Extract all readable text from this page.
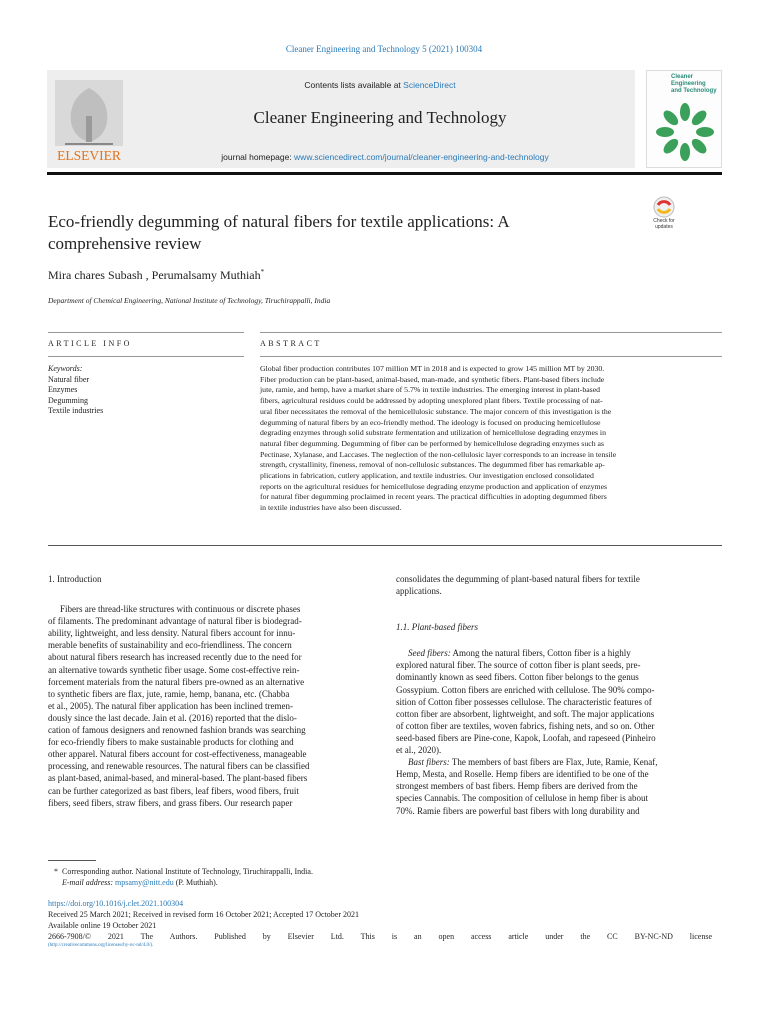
Cleaner Engineering and Technology 5 (2021) 100304
ELSEVIER
Contents lists available at ScienceDirect
Cleaner Engineering and Technology
journal homepage: www.sciencedirect.com/journal/cleaner-engineering-and-technology
Cleaner
Engineering
and Technology
Check for
updates
Eco-friendly degumming of natural fibers for textile applications: A
comprehensive review
Mira chares Subash , Perumalsamy Muthiah*
Department of Chemical Engineering, National Institute of Technology, Tiruchirappalli, India
ARTICLE INFO	ABSTRACT
Keywords:
Natural fiber
Enzymes
Degumming
Textile industries
Global fiber production contributes 107 million MT in 2018 and is expected to grow 145 million MT by 2030.
Fiber production can be plant-based, animal-based, man-made, and synthetic fibers. Plant-based fibers include
jute, ramie, and hemp, have a market share of 5.7% in textile industries. The emerging interest in plant-based
fibers, agricultural residues could be addressed by adopting unexplored plant fibers. Textile processing of nat-
ural fiber necessitates the removal of the hemicellulosic substance. The major concern of this investigation is the
degumming of natural fibers by an eco-friendly method. The ideology is focused on producing hemicellulose
degrading enzymes through solid substrate fermentation and utilization of hemicellulose degrading enzymes in
natural fiber degumming. Degumming of fiber can be performed by hemicellulose degrading enzymes such as
Pectinase, Xylanase, and Laccases. The neglection of the non-cellulosic layer corresponds to an increase in tensile
strength, crystallinity, fineness, removal of non-cellulosic substances. The degummed fiber has remarkable ap-
plications in fabrication, cutlery application, and textile industries. Our investigation enclosed consolidated
reports on the agricultural residues for hemicellulose degrading enzyme production and application of enzymes
for natural fiber degumming proclaimed in recent years. The practical difficulties in adopting degummed fibers
in textile industries have also been discussed.
1. Introduction
Fibers are thread-like structures with continuous or discrete phases
of filaments. The predominant advantage of natural fiber is biodegrad-
ability, lightweight, and less density. Natural fibers account for innu-
merable benefits of sustainability and eco-friendliness. The concern
about natural fibers research has increased recently due to the need for
an alternative towards synthetic fiber usage. Some cost-effective rein-
forcement materials from the natural fibers pre-owned as an alternative
to synthetic fibers are flax, jute, ramie, hemp, banana, etc. (Chabba
et al., 2005). The natural fiber application has been inclined tremen-
dously since the last decade. Jain et al. (2016) reported that the dislo-
cation of famous designers and renowned fashion brands was searching
for eco-friendly fibers to make sustainable products for clothing and
other apparel. Natural fibers account for cost-effectiveness, manageable
processing, and renewable resources. The natural fibers can be classified
as plant-based, animal-based, and mineral-based. The plant-based fibers
can be further categorized as bast fibers, leaf fibers, wood fibers, fruit
fibers, seed fibers, straw fibers, and grass fibers. Our research paper
consolidates the degumming of plant-based natural fibers for textile
applications.
1.1. Plant-based fibers
Seed fibers: Among the natural fibers, Cotton fiber is a highly
explored natural fiber. The source of cotton fiber is plant seeds, pre-
dominantly known as seed fibers. Cotton fiber belongs to the genus
Gossypium. Cotton fibers are enriched with cellulose. The 90% compo-
sition of Cotton fiber possesses cellulose. The characteristic features of
cotton fiber are absorbent, lightweight, and soft. The major applications
of cotton fiber are textiles, woven fabrics, fishing nets, and so on. Other
seed-based fibers are Pine-cone, Kapok, Loofah, and rapeseed (Pinheiro
et al., 2020).
Bast fibers: The members of bast fibers are Flax, Jute, Ramie, Kenaf,
Hemp, Mesta, and Roselle. Hemp fibers are identified to be one of the
strongest members of bast fibers. Hemp fibers are derived from the
species Cannabis. The composition of cellulose in hemp fiber is about
70%. Ramie fibers are powerful bast fibers with long durability and
*  Corresponding author. National Institute of Technology, Tiruchirappalli, India.
E-mail address: mpsamy@nitt.edu (P. Muthiah).
https://doi.org/10.1016/j.clet.2021.100304
Received 25 March 2021; Received in revised form 16 October 2021; Accepted 17 October 2021
Available online 19 October 2021
2666-7908/© 2021 The Authors. Published by Elsevier Ltd. This is an open access article under the CC BY-NC-ND license
(http://creativecommons.org/licenses/by-nc-nd/4.0/).
